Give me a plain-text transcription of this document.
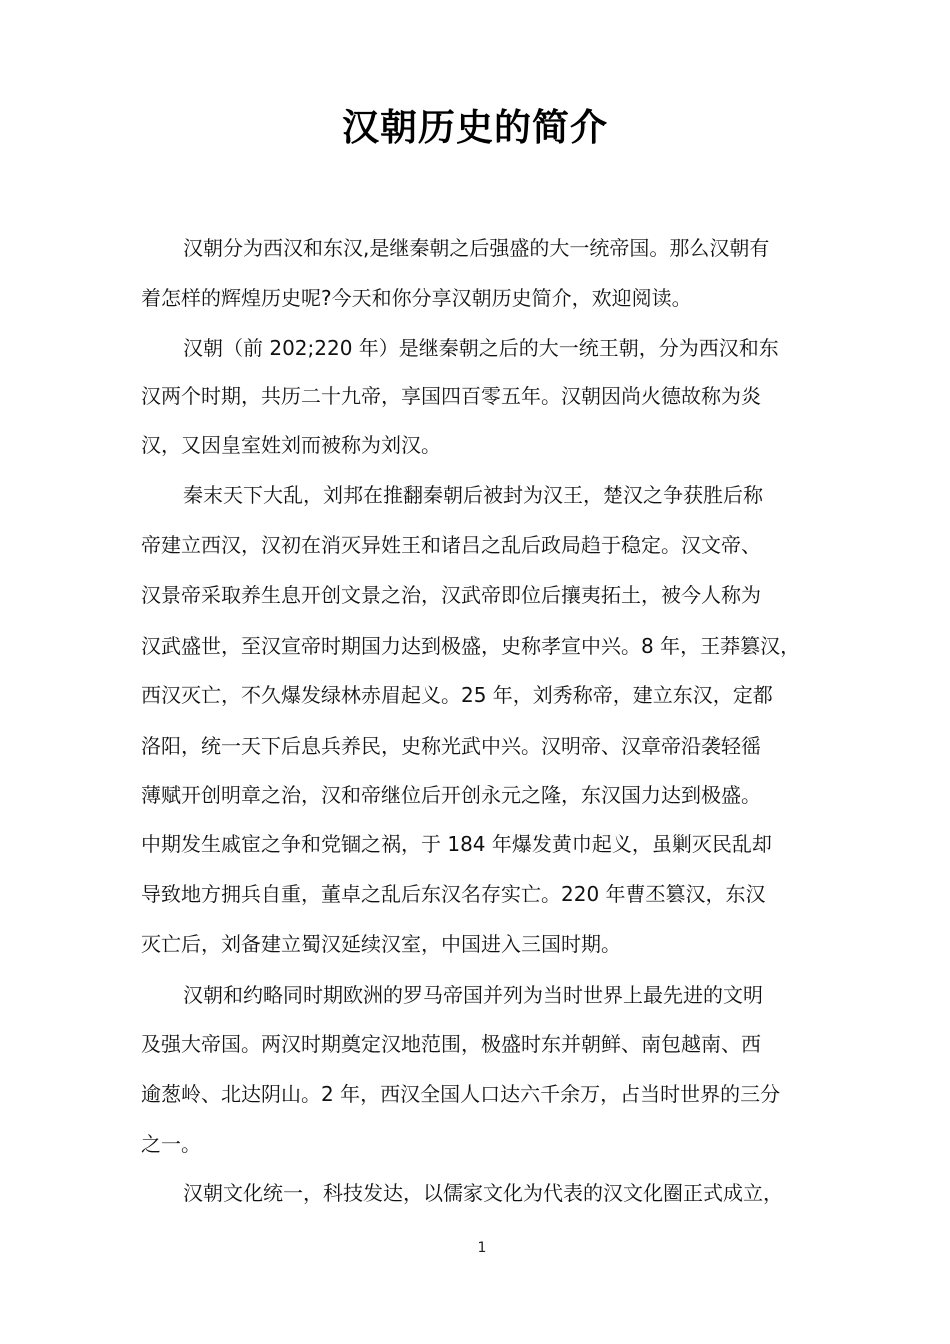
汉朝历史的简介
汉朝分为西汉和东汉,是继秦朝之后强盛的大一统帝国。那么汉朝有
着怎样的辉煌历史呢?今天和你分享汉朝历史简介，欢迎阅读。
汉朝（前 202;220 年）是继秦朝之后的大一统王朝，分为西汉和东
汉两个时期，共历二十九帝，享国四百零五年。汉朝因尚火德故称为炎
汉，又因皇室姓刘而被称为刘汉。
秦末天下大乱，刘邦在推翻秦朝后被封为汉王，楚汉之争获胜后称
帝建立西汉，汉初在消灭异姓王和诸吕之乱后政局趋于稳定。汉文帝、
汉景帝采取养生息开创文景之治，汉武帝即位后攘夷拓土，被今人称为
汉武盛世，至汉宣帝时期国力达到极盛，史称孝宣中兴。8 年，王莽篡汉，
西汉灭亡，不久爆发绿林赤眉起义。25 年，刘秀称帝，建立东汉，定都
洛阳，统一天下后息兵养民，史称光武中兴。汉明帝、汉章帝沿袭轻徭
薄赋开创明章之治，汉和帝继位后开创永元之隆，东汉国力达到极盛。
中期发生戚宦之争和党锢之祸，于 184 年爆发黄巾起义，虽剿灭民乱却
导致地方拥兵自重，董卓之乱后东汉名存实亡。220 年曹丕篡汉，东汉
灭亡后，刘备建立蜀汉延续汉室，中国进入三国时期。
汉朝和约略同时期欧洲的罗马帝国并列为当时世界上最先进的文明
及强大帝国。两汉时期奠定汉地范围，极盛时东并朝鲜、南包越南、西
逾葱岭、北达阴山。2 年，西汉全国人口达六千余万，占当时世界的三分
之一。
汉朝文化统一，科技发达，以儒家文化为代表的汉文化圈正式成立，
1
